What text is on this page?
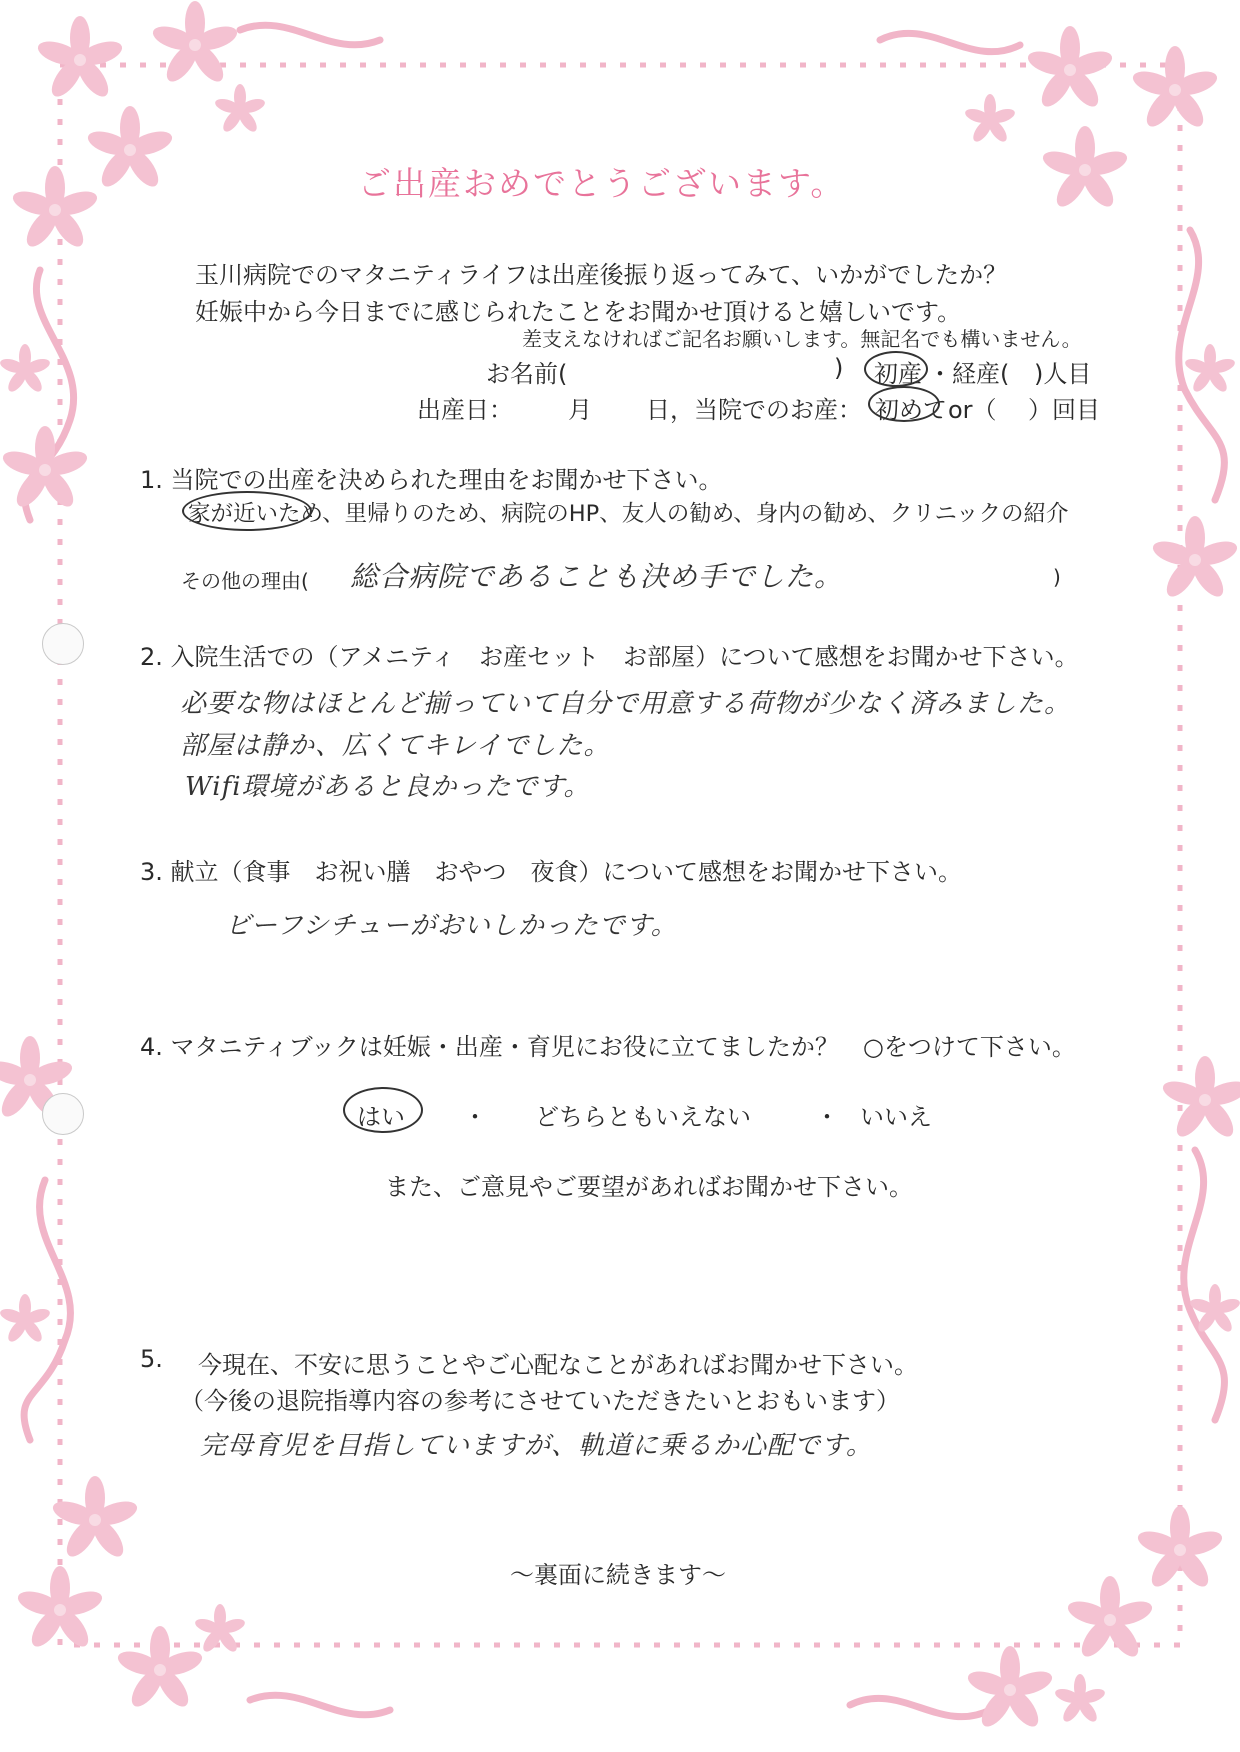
ご出産おめでとうございます。
玉川病院でのマタニティライフは出産後振り返ってみて、いかがでしたか？
妊娠中から今日までに感じられたことをお聞かせ頂けると嬉しいです。
差支えなければご記名お願いします。無記名でも構いません。
お名前(	) 初産 ・ 経産( )人目
出産日： 月 日，当院でのお産： 初めて or（ ）回目
1. 当院での出産を決められた理由をお聞かせ下さい。
家が近いため、里帰りのため、病院のHP、友人の勧め、身内の勧め、クリニックの紹介
その他の理由(	)
総合病院であることも決め手でした。
2. 入院生活での（アメニティ　お産セット　お部屋）について感想をお聞かせ下さい。
必要な物はほとんど揃っていて自分で用意する荷物が少なく済みました。
部屋は静か、広くてキレイでした。
Wifi環境があると良かったです。
3. 献立（食事　お祝い膳　おやつ　夜食）について感想をお聞かせ下さい。
ビーフシチューがおいしかったです。
4. マタニティブックは妊娠・出産・育児にお役に立てましたか？　○をつけて下さい。
はい ・ どちらともいえない	・ いいえ
また、ご意見やご要望があればお聞かせ下さい。
5. 今現在、不安に思うことやご心配なことがあればお聞かせ下さい。
（今後の退院指導内容の参考にさせていただきたいとおもいます）
完母育児を目指していますが、軌道に乗るか心配です。
〜裏面に続きます〜
